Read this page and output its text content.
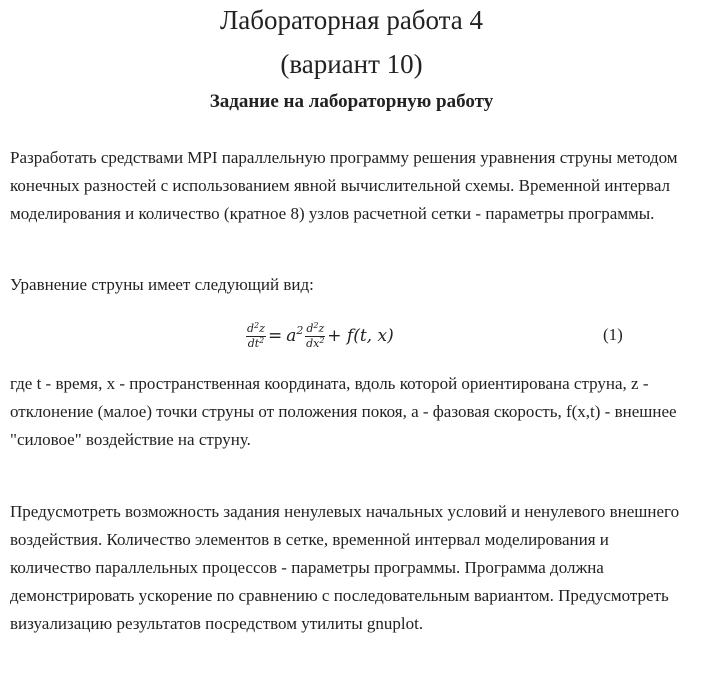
Лабораторная работа 4
(вариант 10)
Задание на лабораторную работу

Разработать средствами MPI параллельную программу решения уравнения струны методом конечных разностей с использованием явной вычислительной схемы. Временной интервал моделирования и количество (кратное 8) узлов расчетной сетки - параметры программы.

Уравнение струны имеет следующий вид:

$\frac{d^2z}{dt^2} = a^2 \frac{d^2z}{dx^2} + f(t$, x)	(1)

где t - время, x - пространственная координата, вдоль которой ориентирована струна, z - отклонение (малое) точки струны от положения покоя, a - фазовая скорость, f(x,t) - внешнее "силовое" воздействие на струну.

Предусмотреть возможность задания ненулевых начальных условий и ненулевого внешнего воздействия. Количество элементов в сетке, временной интервал моделирования и количество параллельных процессов - параметры программы. Программа должна демонстрировать ускорение по сравнению с последовательным вариантом. Предусмотреть визуализацию результатов посредством утилиты gnuplot.
